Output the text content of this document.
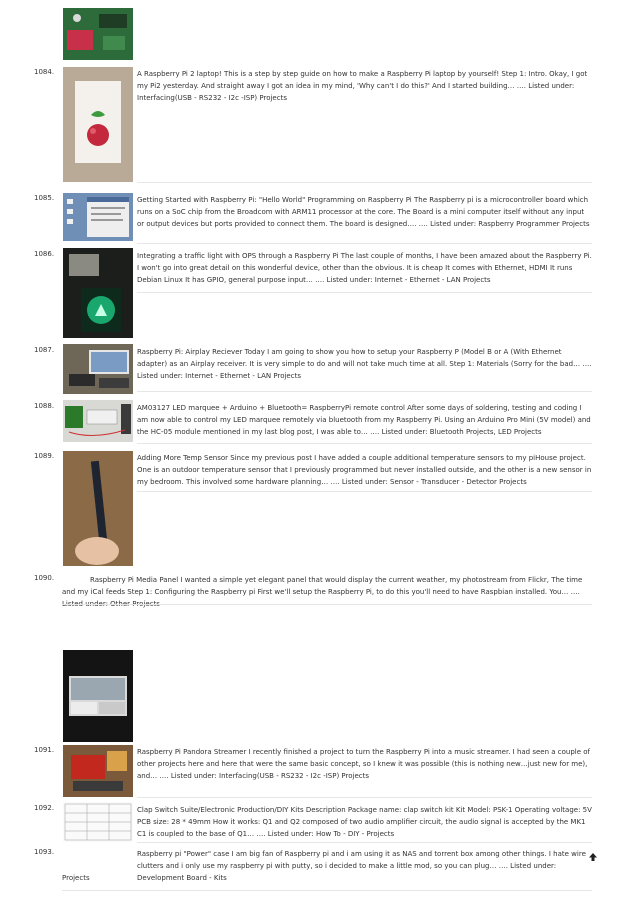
1084.	A Raspberry Pi 2 laptop! This is a step by step guide on how to make a Raspberry Pi laptop by yourself! Step 1: Intro. Okay, I got my Pi2 yesterday. And straight away I got an idea in my mind, 'Why can't I do this?' And I started building… …. Listed under: Interfacing(USB - RS232 - I2c -ISP) Projects
1085.	Getting Started with Raspberry Pi: "Hello World" Programming on Raspberry Pi The Raspberry pi is a microcontroller board which runs on a SoC chip from the Broadcom with ARM11 processor at the core. The Board is a mini computer itself without any input or output devices but ports provided to connect them. The board is designed…. …. Listed under: Raspberry Programmer Projects
1086.	Integrating a traffic light with OPS through a Raspberry Pi The last couple of months, I have been amazed about the Raspberry Pi. I won't go into great detail on this wonderful device, other than the obvious. It is cheap It comes with Ethernet, HDMI It runs Debian Linux It has GPIO, general purpose input… …. Listed under: Internet - Ethernet - LAN Projects
1087.	Raspberry Pi: Airplay Reciever Today I am going to show you how to setup your Raspberry P (Model B or A (With Ethernet adapter) as an Airplay receiver. It is very simple to do and will not take much time at all. Step 1: Materials (Sorry for the bad… …. Listed under: Internet - Ethernet - LAN Projects
1088.	AM03127 LED marquee + Arduino + Bluetooth= RaspberryPi remote control After some days of soldering, testing and coding I am now able to control my LED marquee remotely via bluetooth from my Raspberry Pi. Using an Arduino Pro Mini (5V model) and the HC-05 module mentioned in my last blog post, I was able to… …. Listed under: Bluetooth Projects, LED Projects
1089.	Adding More Temp Sensor Since my previous post I have added a couple additional temperature sensors to my piHouse project. One is an outdoor temperature sensor that I previously programmed but never installed outside, and the other is a new sensor in my bedroom. This involved some hardware planning… …. Listed under: Sensor - Transducer - Detector Projects
1090.	Raspberry Pi Media Panel I wanted a simple yet elegant panel that would display the current weather, my photostream from Flickr, The time and my iCal feeds Step 1: Configuring the Raspberry pi First we'll setup the Raspberry Pi, to do this you'll need to have Raspbian installed. You… …. Listed under: Other Projects
1091.	Raspberry Pi Pandora Streamer I recently finished a project to turn the Raspberry Pi into a music streamer. I had seen a couple of other projects here and here that were the same basic concept, so I knew it was possible (this is nothing new…just new for me), and… …. Listed under: Interfacing(USB - RS232 - I2c -ISP) Projects
1092.	Clap Switch Suite/Electronic Production/DIY Kits Description Package name: clap switch kit Kit Model: PSK-1 Operating voltage: 5V PCB size: 28 * 49mm How it works: Q1 and Q2 composed of two audio amplifier circuit, the audio signal is accepted by the MK1 C1 is coupled to the base of Q1… …. Listed under: How To - DIY - Projects
1093.	Raspberry pi "Power" case I am big fan of Raspberry pi and i am using it as NAS and torrent box among other things. I hate wire clutters and i only use my raspberry pi with putty, so i decided to make a little mod, so you can plug… …. Listed under: Development Board - Kits
Projects
